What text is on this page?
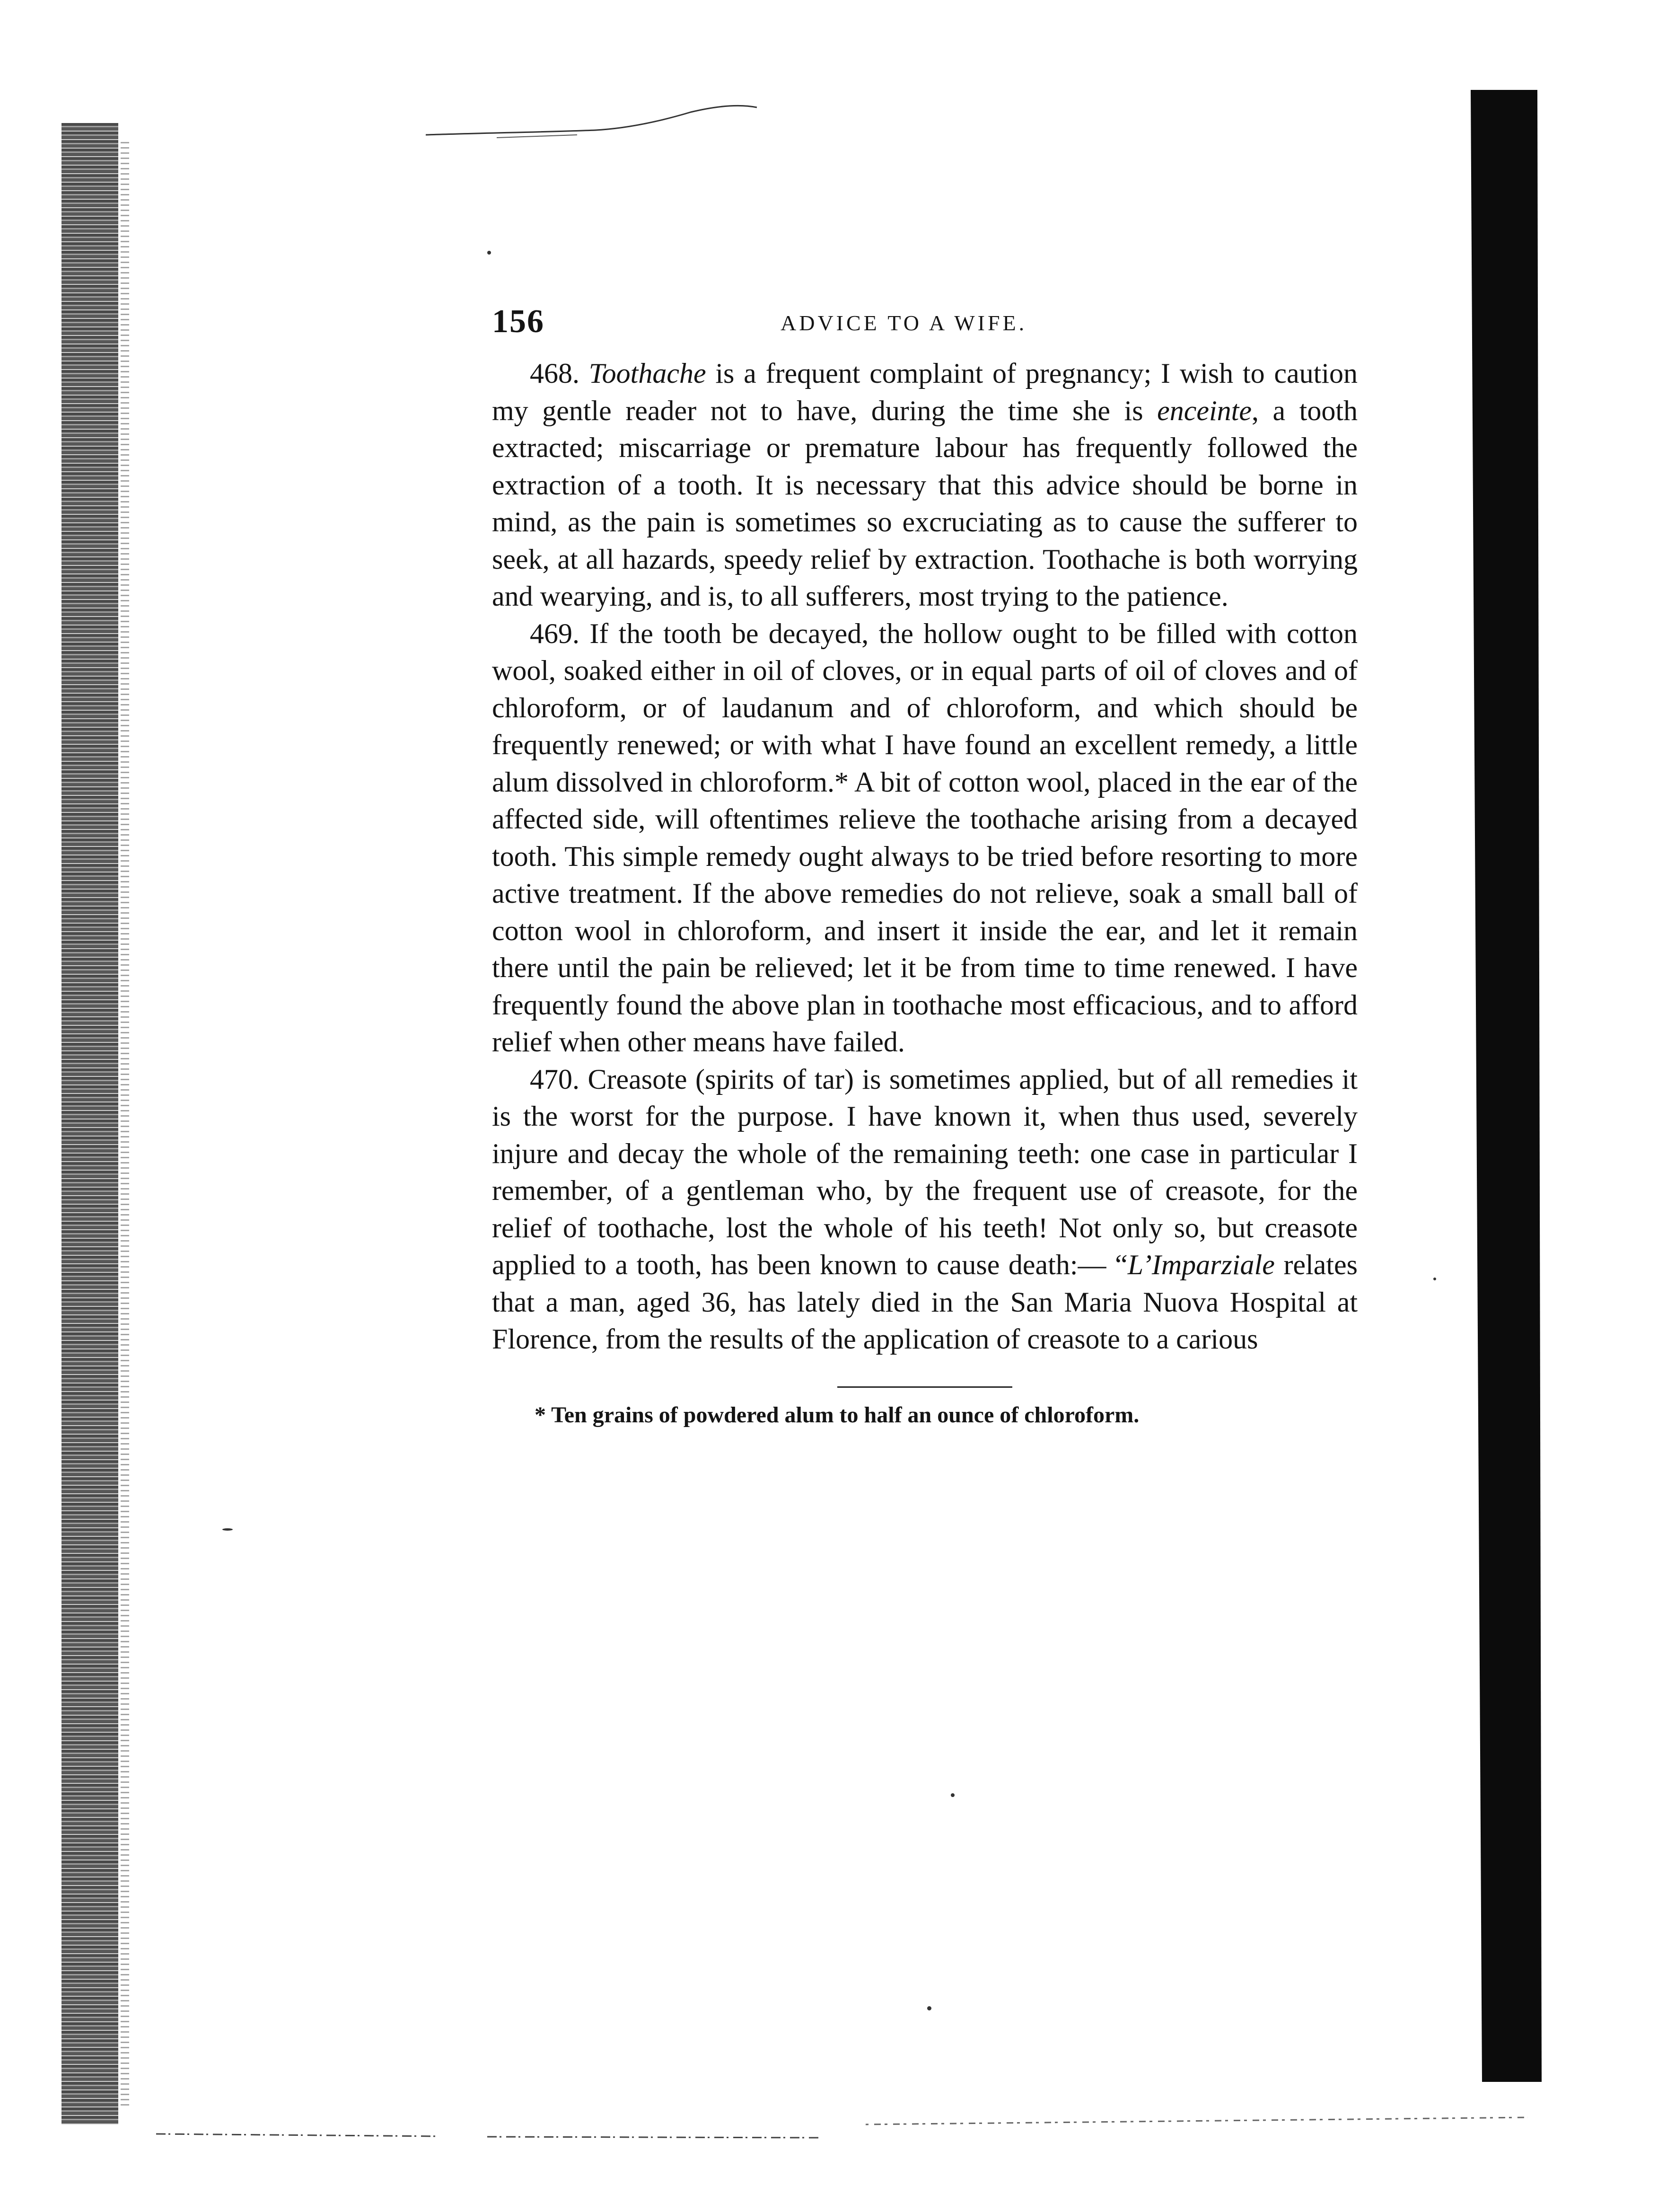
156	ADVICE TO A WIFE.

468. Toothache is a frequent complaint of pregnancy; I wish to caution my gentle reader not to have, during the time she is enceinte, a tooth extracted; miscarriage or premature labour has frequently followed the extraction of a tooth. It is necessary that this advice should be borne in mind, as the pain is sometimes so excruciating as to cause the sufferer to seek, at all hazards, speedy relief by extraction. Toothache is both worrying and wearying, and is, to all sufferers, most trying to the patience.

469. If the tooth be decayed, the hollow ought to be filled with cotton wool, soaked either in oil of cloves, or in equal parts of oil of cloves and of chloroform, or of laudanum and of chloroform, and which should be frequently renewed; or with what I have found an excellent remedy, a little alum dissolved in chloroform.* A bit of cotton wool, placed in the ear of the affected side, will oftentimes relieve the toothache arising from a decayed tooth. This simple remedy ought always to be tried before resorting to more active treatment. If the above remedies do not relieve, soak a small ball of cotton wool in chloroform, and insert it inside the ear, and let it remain there until the pain be relieved; let it be from time to time renewed. I have frequently found the above plan in toothache most efficacious, and to afford relief when other means have failed.

470. Creasote (spirits of tar) is sometimes applied, but of all remedies it is the worst for the purpose. I have known it, when thus used, severely injure and decay the whole of the remaining teeth: one case in particular I remember, of a gentleman who, by the frequent use of creasote, for the relief of toothache, lost the whole of his teeth! Not only so, but creasote applied to a tooth, has been known to cause death:— “L’Imparziale relates that a man, aged 36, has lately died in the San Maria Nuova Hospital at Florence, from the results of the application of creasote to a carious

* Ten grains of powdered alum to half an ounce of chloroform.
